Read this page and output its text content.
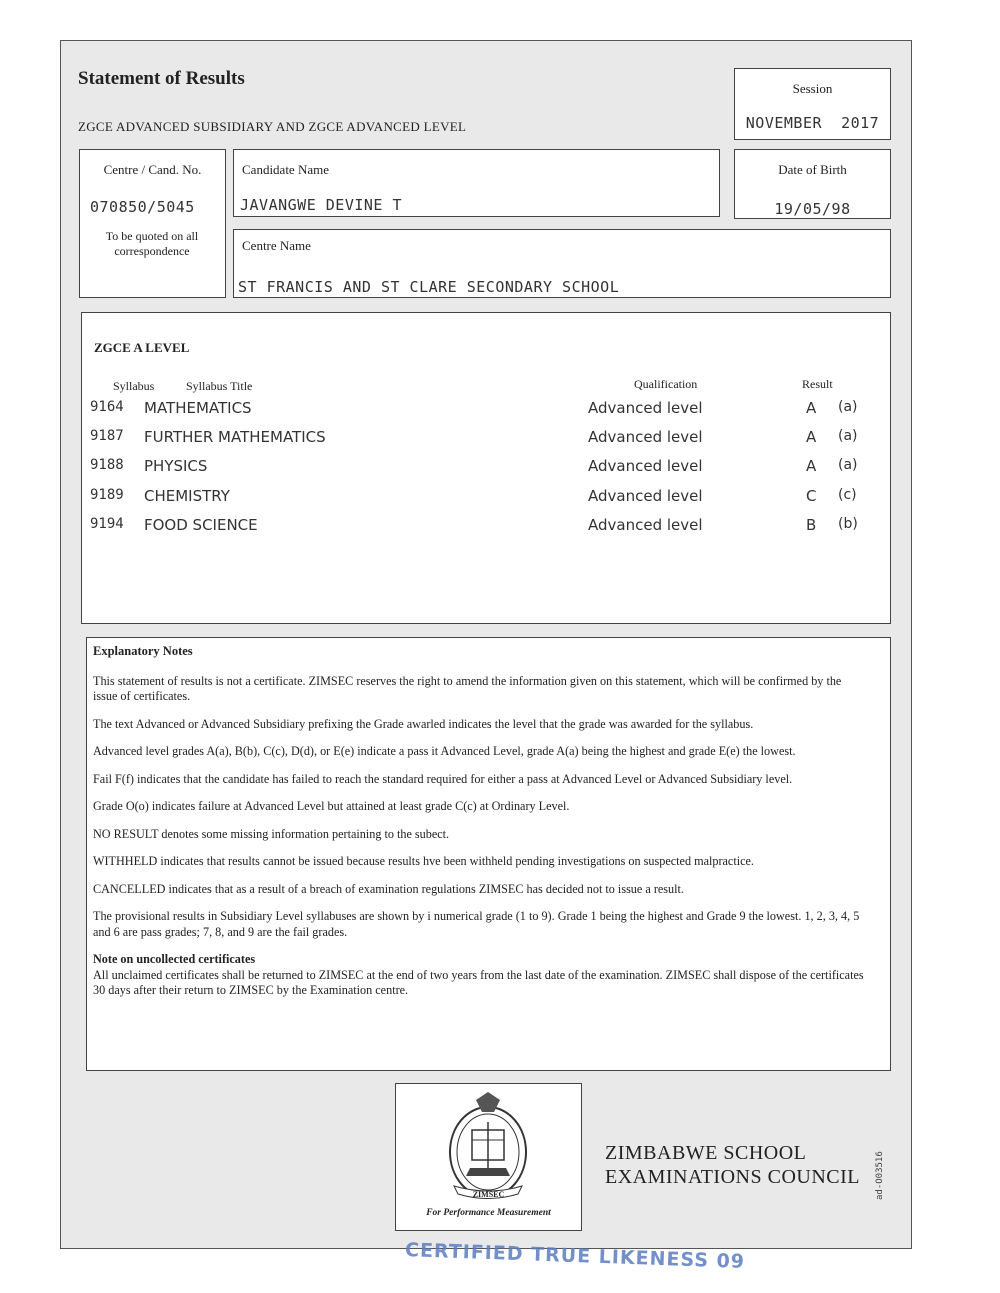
Statement of Results
ZGCE ADVANCED SUBSIDIARY AND ZGCE ADVANCED LEVEL
Session
NOVEMBER  2017
Centre / Cand. No.
070850/5045
To be quoted on all correspondence
Candidate Name
JAVANGWE DEVINE T
Date of Birth
19/05/98
Centre Name
ST FRANCIS AND ST CLARE SECONDARY SCHOOL
ZGCE A LEVEL
Syllabus	Syllabus Title	Qualification	Result
9164 MATHEMATICS	Advanced level	A (a)
9187 FURTHER MATHEMATICS	Advanced level	A (a)
9188 PHYSICS	Advanced level	A (a)
9189 CHEMISTRY	Advanced level	C (c)
9194 FOOD SCIENCE	Advanced level	B (b)

Explanatory Notes

This statement of results is not a certificate. ZIMSEC reserves the right to amend the information given on this statement, which will be confirmed by the issue of certificates.

The text Advanced or Advanced Subsidiary prefixing the Grade awarled indicates the level that the grade was awarded for the syllabus.

Advanced level grades A(a), B(b), C(c), D(d), or E(e) indicate a pass it Advanced Level, grade A(a) being the highest and grade E(e) the lowest.

Fail F(f) indicates that the candidate has failed to reach the standard required for either a pass at Advanced Level or Advanced Subsidiary level.

Grade O(o) indicates failure at Advanced Level but attained at least grade C(c) at Ordinary Level.

NO RESULT denotes some missing information pertaining to the subect.

WITHHELD indicates that results cannot be issued because results hve been withheld pending investigations on suspected malpractice.

CANCELLED indicates that as a result of a breach of examination regulations ZIMSEC has decided not to issue a result.

The provisional results in Subsidiary Level syllabuses are shown by i numerical grade (1 to 9). Grade 1 being the highest and Grade 9 the lowest. 1, 2, 3, 4, 5 and 6 are pass grades; 7, 8, and 9 are the fail grades.

Note on uncollected certificates

All unclaimed certificates shall be returned to ZIMSEC at the end of two years from the last date of the examination. ZIMSEC shall dispose of the certificates 30 days after their return to ZIMSEC by the Examination centre.

ZIMSEC
For Performance Measurement
ZIMBABWE SCHOOL
EXAMINATIONS COUNCIL ad-O03516
CERTIFIED TRUE LIKENESS 09
